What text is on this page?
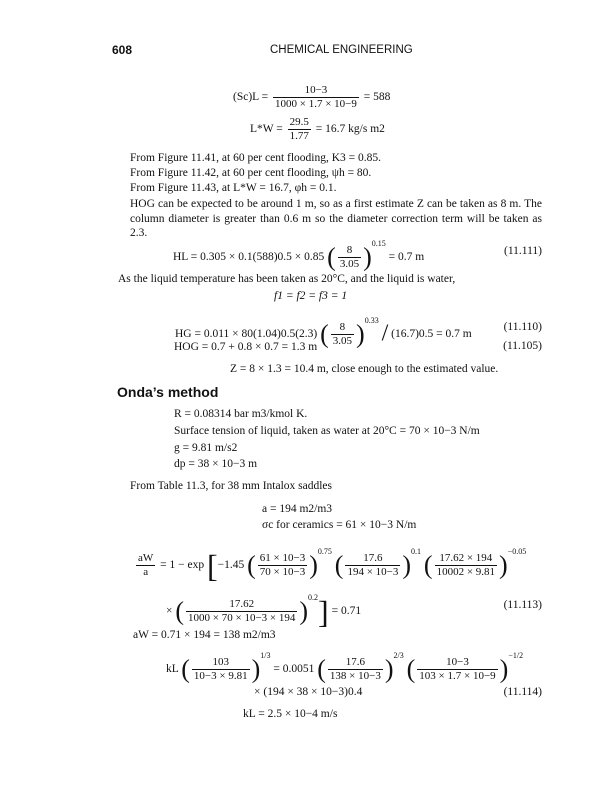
608	CHEMICAL ENGINEERING
$(Sc)L = \frac{10-3}{1000 \times 1.7 \times 10-9} = 588$
$L*W = \frac{29.5}{1.77} = 16.7$ kg/s m2
From Figure 11.41, at 60 per cent flooding, K3 = 0.85.
From Figure 11.42, at 60 per cent flooding, ψh = 80.
From Figure 11.43, at L*W = 16.7, φh = 0.1.
HOG can be expected to be around 1 m, so as a first estimate Z can be taken as 8 m. The column diameter is greater than 0.6 m so the diameter correction term will be taken as 2.3.
HL = 0.305 × 0.1(588)0.5 × 0.85 ( $\frac{8}{3.05} )^{0.15} = 0.7$ m	(11.111)
As the liquid temperature has been taken as 20°C, and the liquid is water,
f1 = f2 = f3 = 1
HG = 0.011 × 80(1.04)0.5(2.3) ( $\frac{8}{3.05} )^{0.33} / (16.7)0.5 = 0.7$ m
(11.110)
HOG = 0.7 + 0.8 × 0.7 = 1.3 m	(11.105)
Z = 8 × 1.3 = 10.4 m, close enough to the estimated value.
Onda’s method
R = 0.08314 bar m3/kmol K.
Surface tension of liquid, taken as water at 20°C = 70 × 10−3 N/m
g = 9.81 m/s2
dp = 38 × 10−3 m
From Table 11.3, for 38 mm Intalox saddles
a = 194 m2/m3
σc for ceramics = 61 × 10−3 N/m
$\frac{aW}{a} = 1 - \exp [-1.45$ ( $\frac{61 \times 10-3}{70 \times 10-3} )^{0.75}$ ( $\frac{17.6}{194 \times 10-3} )^{0.1}$ ( $\frac{17.62 \times 194}{10002 \times 9.81} )^{-0.05}$
× ( $\frac{17.62}{1000 \times 70 \times 10-3 \times 194} )^{0.2}] = 0.71$	(11.113)
aW = 0.71 × 194 = 138 m2/m3
kL ( $\frac{103}{10-3 \times 9.81} )^{1/3} = 0.0051$ ( $\frac{17.6}{138 \times 10-3} )^{2/3}$ ( $\frac{10-3}{103 \times 1.7 \times 10-9} )^{-1/2}$
× (194 × 38 × 10−3)0.4	(11.114)
kL = 2.5 × 10−4 m/s
